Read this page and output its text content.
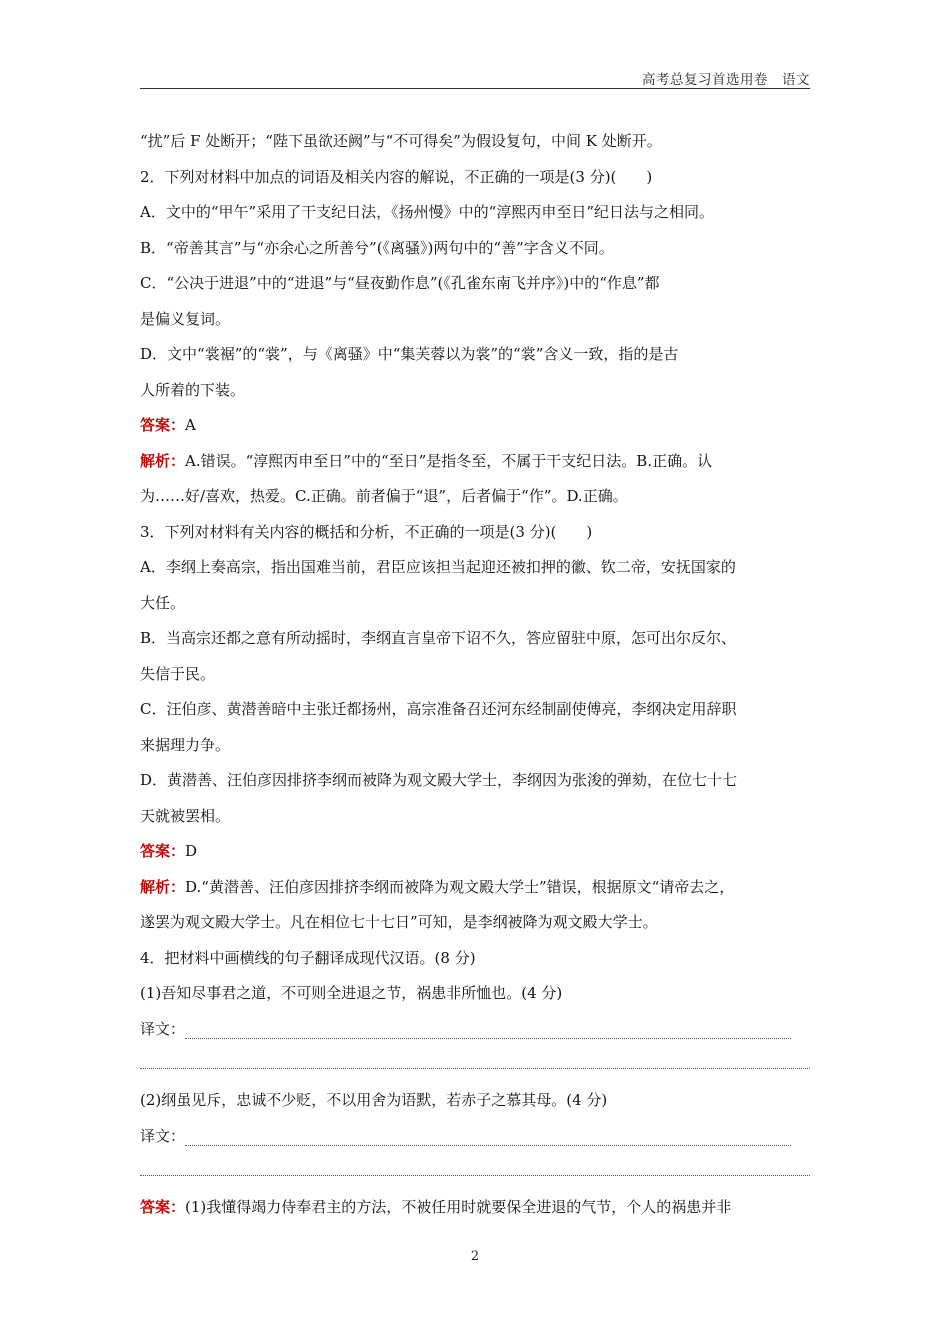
高考总复习首选用卷　语文
“扰”后 F 处断开；“陛下虽欲还阙”与“不可得矣”为假设复句，中间 K 处断开。
2．下列对材料中加点的词语及相关内容的解说，不正确的一项是(3 分)(　　)
A．文中的“甲午”采用了干支纪日法，《扬州慢》中的“淳熙丙申至日”纪日法与之相同。
B．“帝善其言”与“亦余心之所善兮”(《离骚》)两句中的“善”字含义不同。
C．“公决于进退”中的“进退”与“昼夜勤作息”(《孔雀东南飞并序》)中的“作息”都
是偏义复词。
D．文中“裳裾”的“裳”，与《离骚》中“集芙蓉以为裳”的“裳”含义一致，指的是古
人所着的下装。
答案：A
解析：A.错误。“淳熙丙申至日”中的“至日”是指冬至，不属于干支纪日法。B.正确。认
为……好/喜欢，热爱。C.正确。前者偏于“退”，后者偏于“作”。D.正确。
3．下列对材料有关内容的概括和分析，不正确的一项是(3 分)(　　)
A．李纲上奏高宗，指出国难当前，君臣应该担当起迎还被扣押的徽、钦二帝，安抚国家的
大任。
B．当高宗还都之意有所动摇时，李纲直言皇帝下诏不久，答应留驻中原，怎可出尔反尔、
失信于民。
C．汪伯彦、黄潜善暗中主张迁都扬州，高宗准备召还河东经制副使傅亮，李纲决定用辞职
来据理力争。
D．黄潜善、汪伯彦因排挤李纲而被降为观文殿大学士，李纲因为张浚的弹劾，在位七十七
天就被罢相。
答案：D
解析：D.“黄潜善、汪伯彦因排挤李纲而被降为观文殿大学士”错误，根据原文“请帝去之，
遂罢为观文殿大学士。凡在相位七十七日”可知，是李纲被降为观文殿大学士。
4．把材料中画横线的句子翻译成现代汉语。(8 分)
(1)吾知尽事君之道，不可则全进退之节，祸患非所恤也。(4 分)
译文：
(2)纲虽见斥，忠诚不少贬，不以用舍为语默，若赤子之慕其母。(4 分)
译文：
答案：(1)我懂得竭力侍奉君主的方法，不被任用时就要保全进退的气节，个人的祸患并非
2
